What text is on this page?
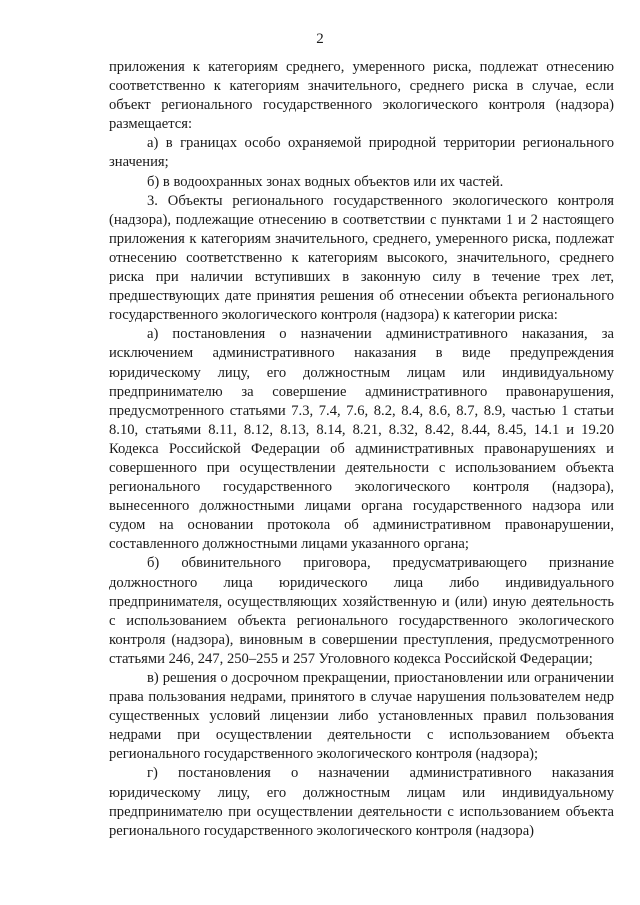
2

приложения к категориям среднего, умеренного риска, подлежат отнесению соответственно к категориям значительного, среднего риска в случае, если объект регионального государственного экологического контроля (надзора) размещается:

а) в границах особо охраняемой природной территории регионального значения;

б) в водоохранных зонах водных объектов или их частей.

3. Объекты регионального государственного экологического контроля (надзора), подлежащие отнесению в соответствии с пунктами 1 и 2 настоящего приложения к категориям значительного, среднего, умеренного риска, подлежат отнесению соответственно к категориям высокого, значительного, среднего риска при наличии вступивших в законную силу в течение трех лет, предшествующих дате принятия решения об отнесении объекта регионального государственного экологического контроля (надзора) к категории риска:

а) постановления о назначении административного наказания, за исключением административного наказания в виде предупреждения юридическому лицу, его должностным лицам или индивидуальному предпринимателю за совершение административного правонарушения, предусмотренного статьями 7.3, 7.4, 7.6, 8.2, 8.4, 8.6, 8.7, 8.9, частью 1 статьи 8.10, статьями 8.11, 8.12, 8.13, 8.14, 8.21, 8.32, 8.42, 8.44, 8.45, 14.1 и 19.20 Кодекса Российской Федерации об административных правонарушениях и совершенного при осуществлении деятельности с использованием объекта регионального государственного экологического контроля (надзора), вынесенного должностными лицами органа государственного надзора или судом на основании протокола об административном правонарушении, составленного должностными лицами указанного органа;

б) обвинительного приговора, предусматривающего признание должностного лица юридического лица либо индивидуального предпринимателя, осуществляющих хозяйственную и (или) иную деятельность с использованием объекта регионального государственного экологического контроля (надзора), виновным в совершении преступления, предусмотренного статьями 246, 247, 250–255 и 257 Уголовного кодекса Российской Федерации;

в) решения о досрочном прекращении, приостановлении или ограничении права пользования недрами, принятого в случае нарушения пользователем недр существенных условий лицензии либо установленных правил пользования недрами при осуществлении деятельности с использованием объекта регионального государственного экологического контроля (надзора);

г) постановления о назначении административного наказания юридическому лицу, его должностным лицам или индивидуальному предпринимателю при осуществлении деятельности с использованием объекта регионального государственного экологического контроля (надзора)
